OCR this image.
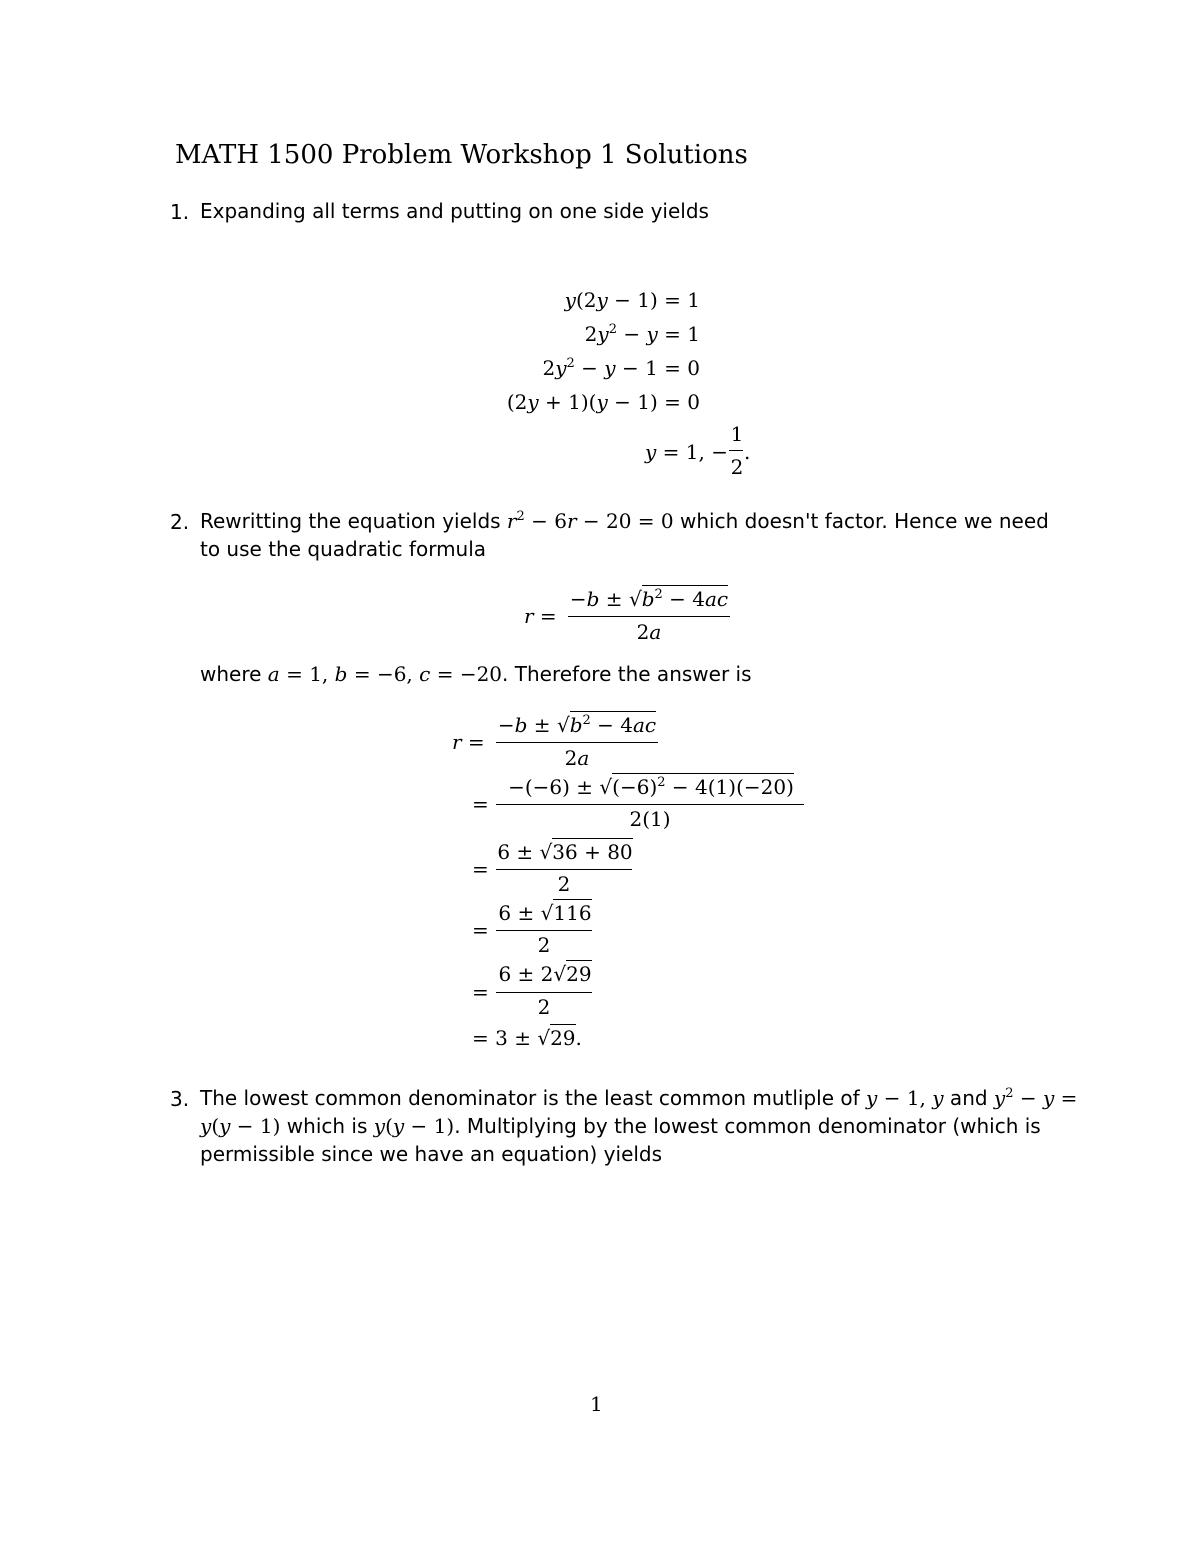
MATH 1500 Problem Workshop 1 Solutions
1. Expanding all terms and putting on one side yields
y(2y − 1) = 1
$2y^2 - y = 1$
$2y^2 - y - 1 = 0$
(2y + 1)(y − 1) = 0
y = 1, −
1
2
.
2. Rewritting the equation yields $r^2 - 6r - 20 = 0$ which doesn't factor. Hence we need
to use the quadratic formula
r =
$-b \pm √b^2 - 4ac$
2a
where a = 1, b = −6, c = −20. Therefore the answer is
r =
$-b \pm √b^2 - 4ac$
2a
=
$-(-6) \pm √(-6)^2 - 4(1)(-20)$
2(1)
=
6 ± √36 + 80
2
=
6 ± √116
2
=
6 ± 2√29
2
= 3 ± √29.
3. The lowest common denominator is the least common mutliple of y − 1, y and $y^2 - y$ =
y(y − 1) which is y(y − 1). Multiplying by the lowest common denominator (which is
permissible since we have an equation) yields
1
